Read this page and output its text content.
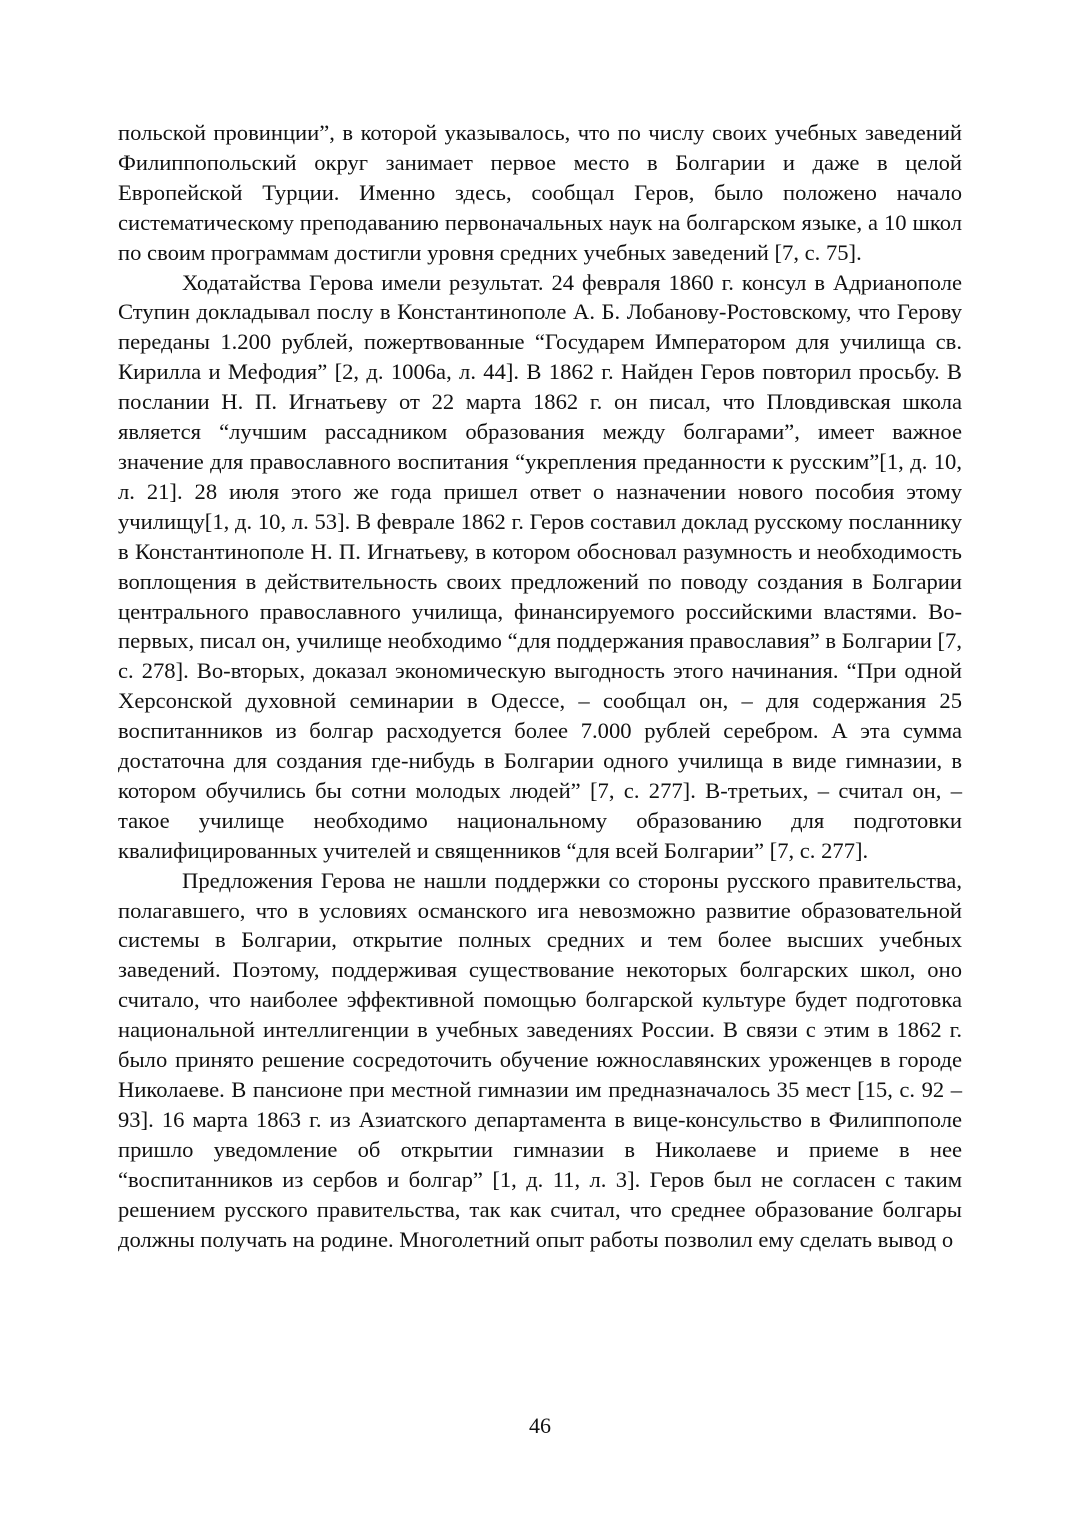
польской провинции”, в которой указывалось, что по числу своих учебных заведений Филиппопольский округ занимает первое место в Болгарии и даже в целой Европейской Турции. Именно здесь, сообщал Геров, было положено начало систематическому преподаванию первоначальных наук на болгарском языке, а 10 школ по своим программам достигли уровня средних учебных заведений [7, с. 75].

Ходатайства Герова имели результат. 24 февраля 1860 г. консул в Адрианополе Ступин докладывал послу в Константинополе А. Б. Лобанову-Ростовскому, что Герову переданы 1.200 рублей, пожертвованные “Государем Императором для училища св. Кирилла и Мефодия” [2, д. 1006а, л. 44]. В 1862 г. Найден Геров повторил просьбу. В послании Н. П. Игнатьеву от 22 марта 1862 г. он писал, что Пловдивская школа является “лучшим рассадником образования между болгарами”, имеет важное значение для православного воспитания “укрепления преданности к русским”[1, д. 10, л. 21]. 28 июля этого же года пришел ответ о назначении нового пособия этому училищу[1, д. 10, л. 53]. В феврале 1862 г. Геров составил доклад русскому посланнику в Константинополе Н. П. Игнатьеву, в котором обосновал разумность и необходимость воплощения в действительность своих предложений по поводу создания в Болгарии центрального православного училища, финансируемого российскими властями. Во-первых, писал он, училище необходимо “для поддержания православия” в Болгарии [7, с. 278]. Во-вторых, доказал экономическую выгодность этого начинания. “При одной Херсонской духовной семинарии в Одессе, – сообщал он, – для содержания 25 воспитанников из болгар расходуется более 7.000 рублей серебром. А эта сумма достаточна для создания где-нибудь в Болгарии одного училища в виде гимназии, в котором обучились бы сотни молодых людей” [7, с. 277]. В-третьих, – считал он, – такое училище необходимо национальному образованию для подготовки квалифицированных учителей и священников “для всей Болгарии” [7, с. 277].

Предложения Герова не нашли поддержки со стороны русского правительства, полагавшего, что в условиях османского ига невозможно развитие образовательной системы в Болгарии, открытие полных средних и тем более высших учебных заведений. Поэтому, поддерживая существование некоторых болгарских школ, оно считало, что наиболее эффективной помощью болгарской культуре будет подготовка национальной интеллигенции в учебных заведениях России. В связи с этим в 1862 г. было принято решение сосредоточить обучение южнославянских уроженцев в городе Николаеве. В пансионе при местной гимназии им предназначалось 35 мест [15, с. 92 – 93]. 16 марта 1863 г. из Азиатского департамента в вице-консульство в Филиппополе пришло уведомление об открытии гимназии в Николаеве и приеме в нее “воспитанников из сербов и болгар” [1, д. 11, л. 3]. Геров был не согласен с таким решением русского правительства, так как считал, что среднее образование болгары должны получать на родине. Многолетний опыт работы позволил ему сделать вывод о

46
